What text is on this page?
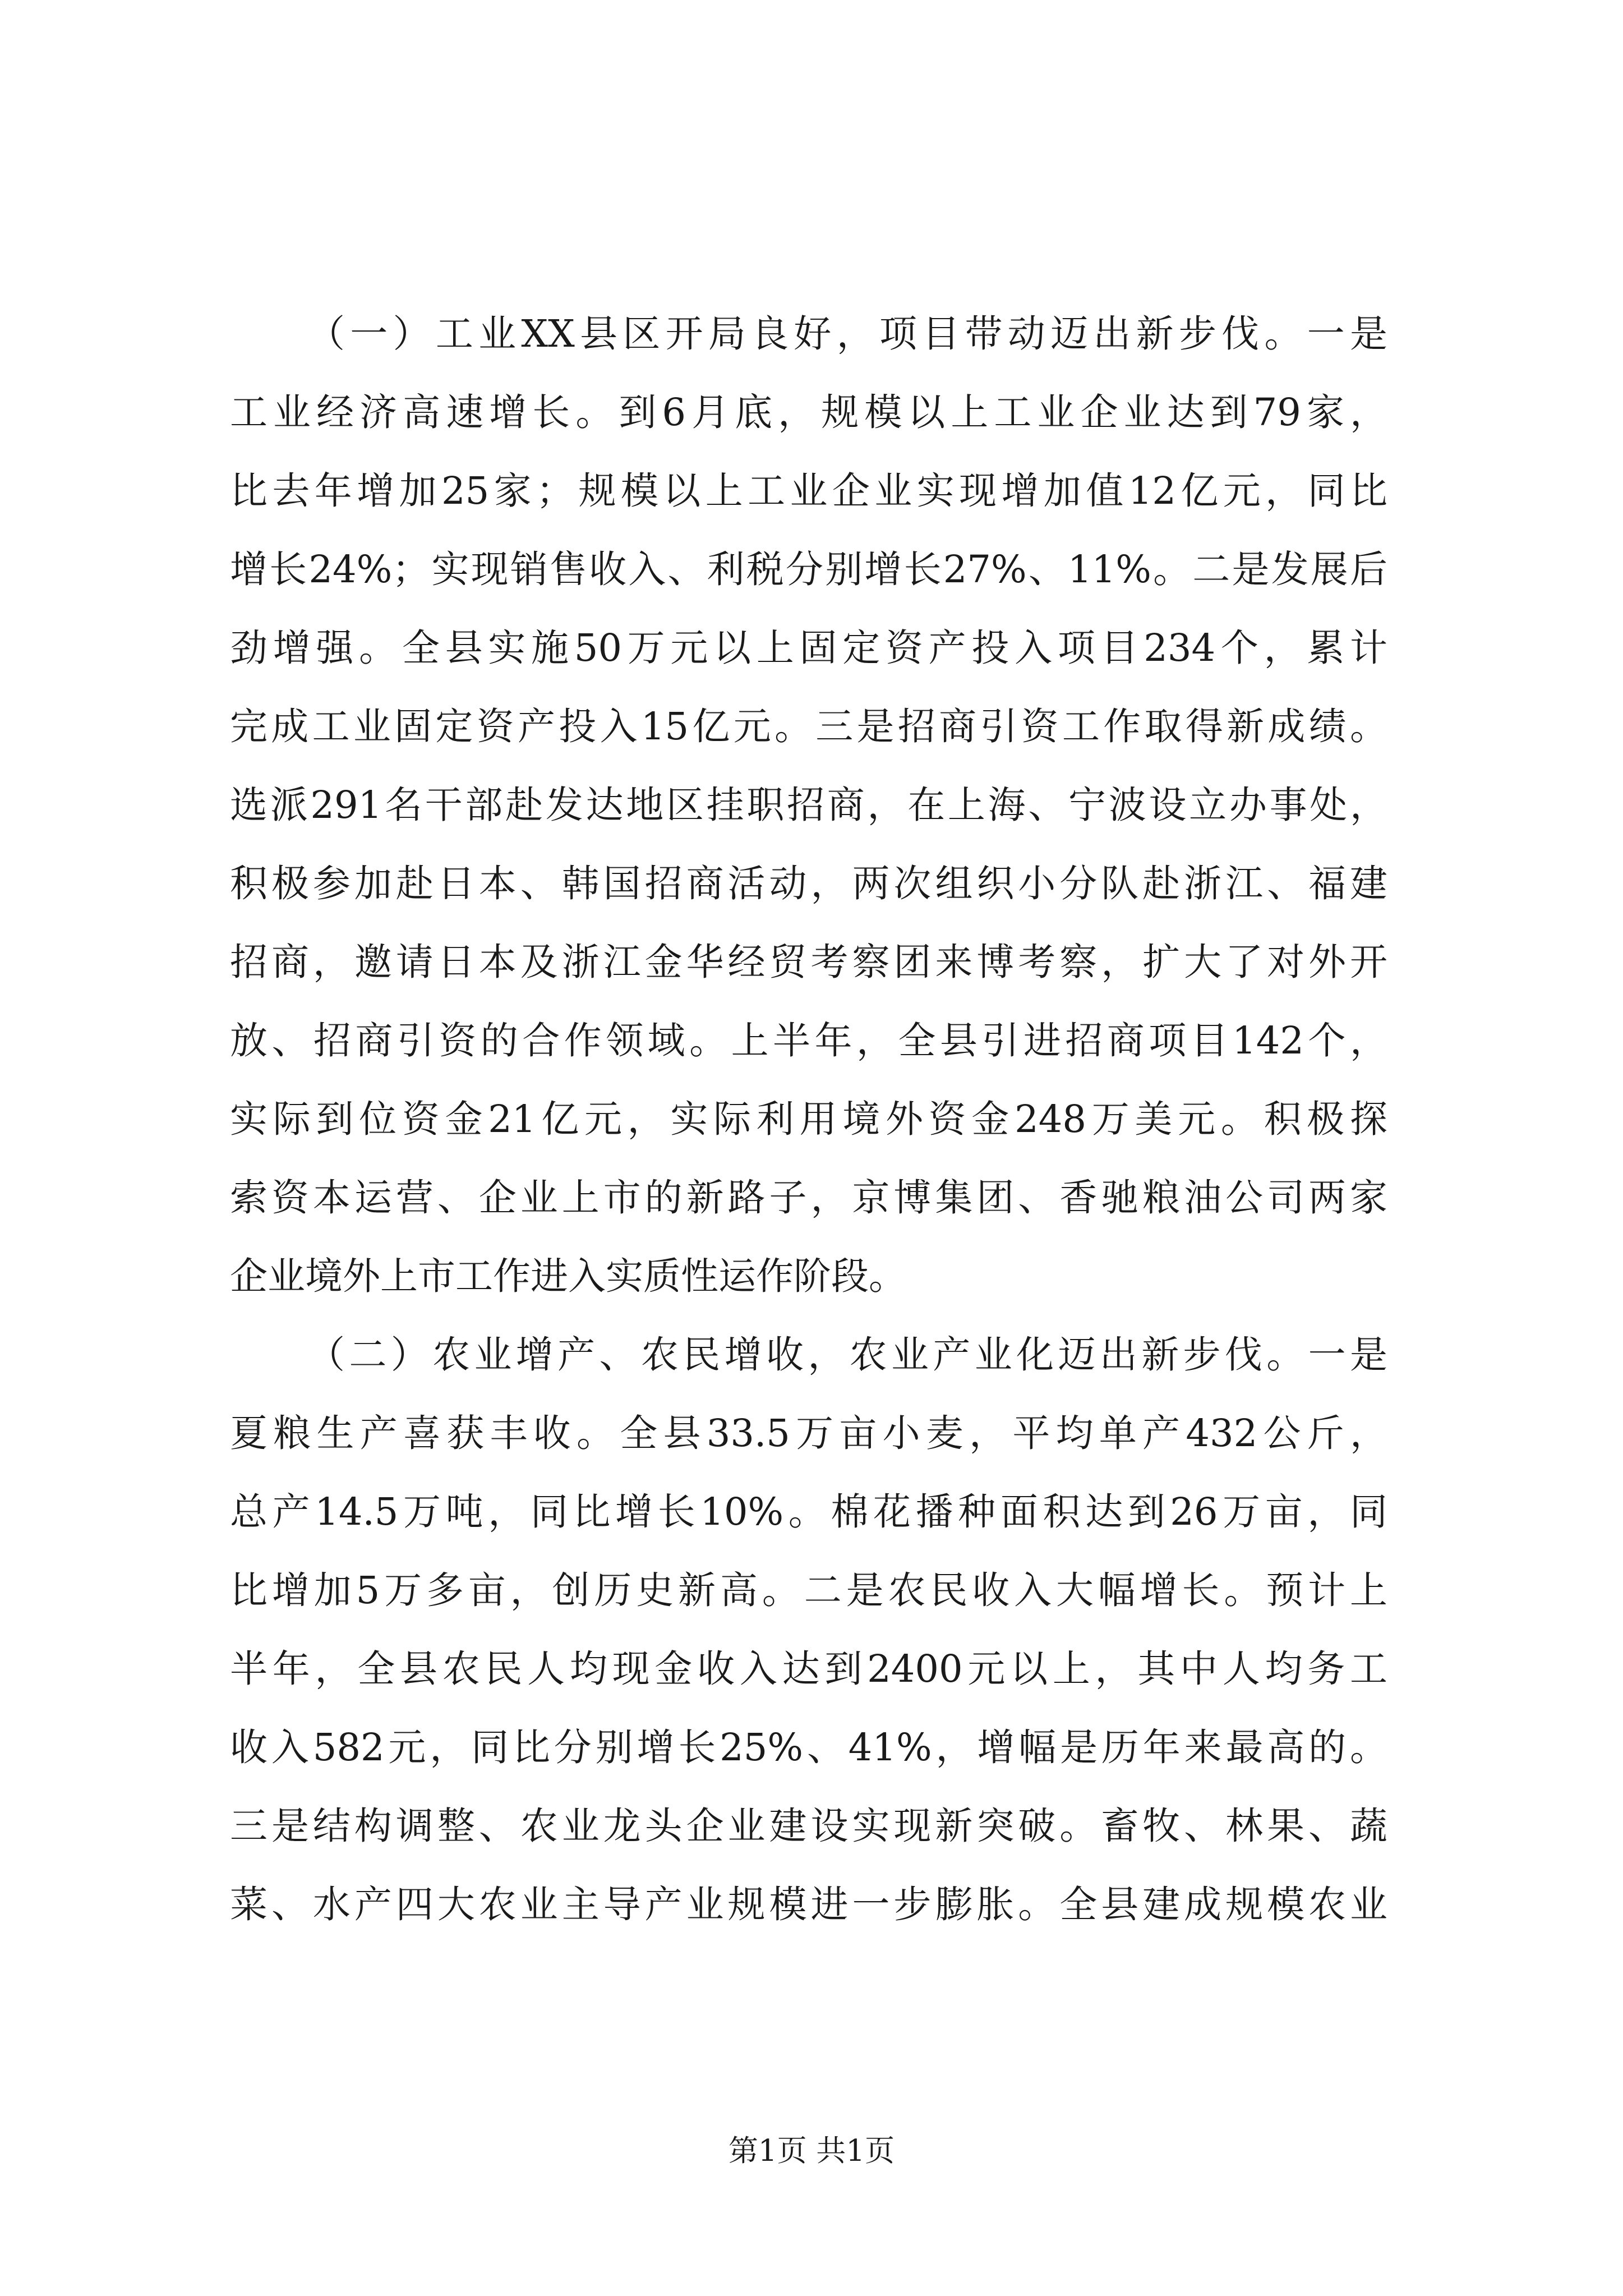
（一）工业XX县区开局良好，项目带动迈出新步伐。一是
工业经济高速增长。到6月底，规模以上工业企业达到79家，
比去年增加25家；规模以上工业企业实现增加值12亿元，同比
增长24%；实现销售收入、利税分别增长27%、11%。二是发展后
劲增强。全县实施50万元以上固定资产投入项目234个，累计
完成工业固定资产投入15亿元。三是招商引资工作取得新成绩。
选派291名干部赴发达地区挂职招商，在上海、宁波设立办事处，
积极参加赴日本、韩国招商活动，两次组织小分队赴浙江、福建
招商，邀请日本及浙江金华经贸考察团来博考察，扩大了对外开
放、招商引资的合作领域。上半年，全县引进招商项目142个，
实际到位资金21亿元，实际利用境外资金248万美元。积极探
索资本运营、企业上市的新路子，京博集团、香驰粮油公司两家
企业境外上市工作进入实质性运作阶段。
（二）农业增产、农民增收，农业产业化迈出新步伐。一是
夏粮生产喜获丰收。全县33.5万亩小麦，平均单产432公斤，
总产14.5万吨，同比增长10%。棉花播种面积达到26万亩，同
比增加5万多亩，创历史新高。二是农民收入大幅增长。预计上
半年，全县农民人均现金收入达到2400元以上，其中人均务工
收入582元，同比分别增长25%、41%，增幅是历年来最高的。
三是结构调整、农业龙头企业建设实现新突破。畜牧、林果、蔬
菜、水产四大农业主导产业规模进一步膨胀。全县建成规模农业
第1页 共1页
